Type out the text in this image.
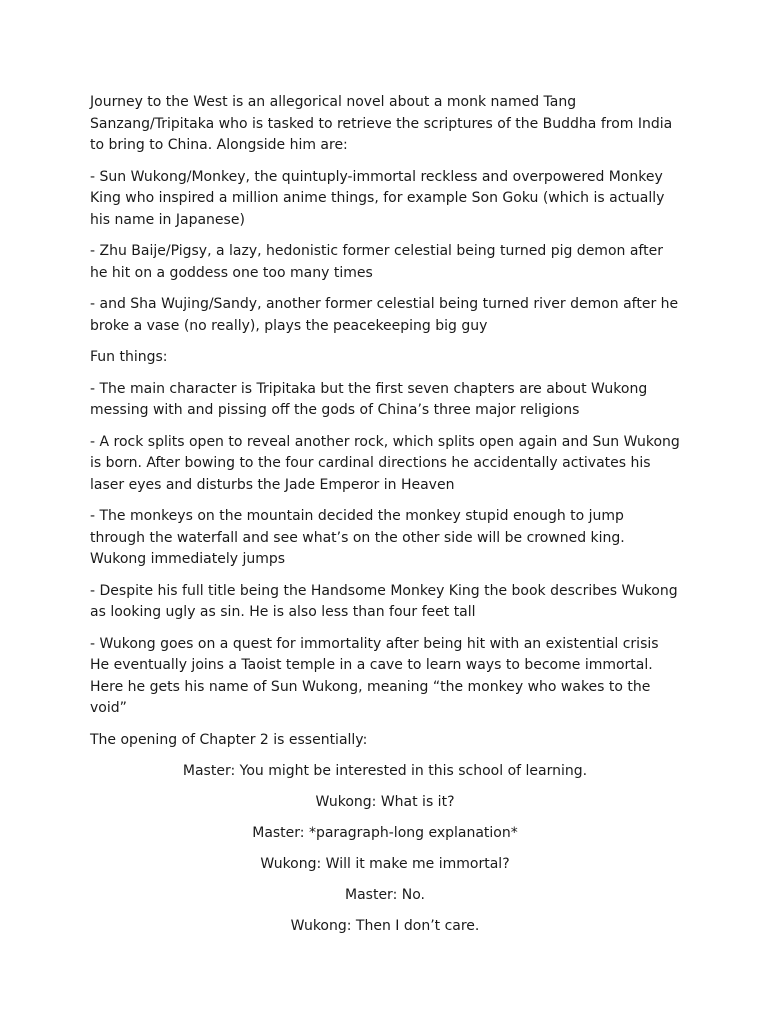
Journey to the West is an allegorical novel about a monk named Tang Sanzang/Tripitaka who is tasked to retrieve the scriptures of the Buddha from India to bring to China. Alongside him are:

- Sun Wukong/Monkey, the quintuply-immortal reckless and overpowered Monkey King who inspired a million anime things, for example Son Goku (which is actually his name in Japanese)

- Zhu Baije/Pigsy, a lazy, hedonistic former celestial being turned pig demon after he hit on a goddess one too many times

- and Sha Wujing/Sandy, another former celestial being turned river demon after he broke a vase (no really), plays the peacekeeping big guy

Fun things:

- The main character is Tripitaka but the first seven chapters are about Wukong messing with and pissing off the gods of China’s three major religions

- A rock splits open to reveal another rock, which splits open again and Sun Wukong is born. After bowing to the four cardinal directions he accidentally activates his laser eyes and disturbs the Jade Emperor in Heaven

- The monkeys on the mountain decided the monkey stupid enough to jump through the waterfall and see what’s on the other side will be crowned king. Wukong immediately jumps

- Despite his full title being the Handsome Monkey King the book describes Wukong as looking ugly as sin. He is also less than four feet tall

- Wukong goes on a quest for immortality after being hit with an existential crisis He eventually joins a Taoist temple in a cave to learn ways to become immortal. Here he gets his name of Sun Wukong, meaning “the monkey who wakes to the void”

The opening of Chapter 2 is essentially:

Master: You might be interested in this school of learning.

Wukong: What is it?

Master: *paragraph-long explanation*

Wukong: Will it make me immortal?

Master: No.

Wukong: Then I don’t care.
